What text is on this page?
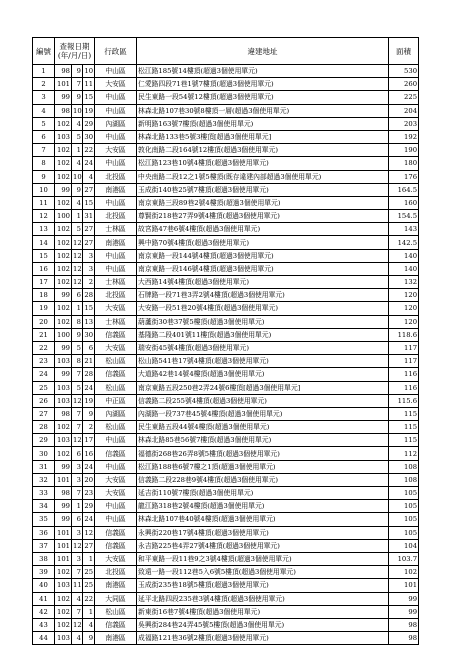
編號	查報日期
(年/月/日)			行政區	違建地址	面積
1	98	9	10	中山區	松江路185號14樓頂(超過3個使用單元)	530
2	101	7	11	大安區	仁愛路四段71巷1號7樓頂(超過3個使用單元)	260
3	99	9	15	中山區	民生東路一段54號12樓頂(超過3個使用單元)	225
4	98	10	19	中山區	林森北路107巷30號8樓頂一層(超過3個使用單元)	204
5	102	4	29	內湖區	新明路163號7樓頂(超過3個使用單元)	203
6	103	5	30	中山區	林森北路133巷5號3樓頂[超過3個使用單元]	192
7	102	1	22	大安區	敦化南路二段164號12樓頂(超過3個使用單元)	190
8	102	4	24	中山區	松江路123巷10號4樓頂(超過3個使用單元)	180
9	102	10	4	北投區	中央南路二段12之1號5樓頂(既存違建內部超過3個使用單元)	176
10	99	9	27	南港區	玉成街140巷25號7樓頂(超過3個使用單元)	164.5
11	102	4	15	中山區	南京東路三段89巷2號4樓頂(超過3個使用單元)	160
12	100	1	31	北投區	尊賢街218巷27弄9號4樓頂(超過3個使用單元)	154.5
13	102	5	27	士林區	故宮路47巷6號4樓頂(超過3個使用單元)	143
14	102	12	27	南港區	興中路70號4樓頂(超過3個使用單元)	142.5
15	102	12	3	中山區	南京東路一段144號4樓頂(超過3個使用單元)	140
16	102	12	3	中山區	南京東路一段146號4樓頂(超過3個使用單元)	140
17	102	12	2	士林區	大西路14號4樓頂(超過3個使用單元)	132
18	99	6	28	北投區	石牌路一段71巷3弄2號4樓頂(超過3個使用單元)	120
19	102	1	15	大安區	大安路一段51巷20號4樓頂(超過3個使用單元)	120
20	102	8	13	士林區	葫蘆街30巷37號5樓頂(超過3個使用單元)	120
21	100	9	30	信義區	基隆路二段401號11樓頂(超過3個使用單元)	118.6
22	99	5	6	大安區	瑞安街45號4樓頂(超過3個使用單元)	117
23	103	8	21	松山區	松山路541巷17號4樓頂(超過3個使用單元)	117
24	99	7	28	信義區	大道路42巷14號4樓頂(超過3個使用單元)	116
25	103	5	24	松山區	南京東路五段250巷2弄24號6樓頂[超過3個使用單元]	116
26	103	12	19	中正區	信義路二段255號4樓頂(超過3個使用單元)	115.6
27	98	7	9	內湖區	內湖路一段737巷45號4樓頂(超過3個使用單元)	115
28	102	7	2	松山區	民生東路五段44號4樓頂(超過3個使用單元)	115
29	103	12	17	中山區	林森北路85巷56號7樓頂(超過3個使用單元)	115
30	102	6	16	信義區	福德街268巷26弄8號5樓頂(超過3個使用單元)	112
31	99	3	24	中山區	松江路188巷6號7樓之1頂(超過3個使用單元)	108
32	101	3	20	大安區	信義路二段228巷9號4樓頂(超過3個使用單元)	108
33	98	7	23	大安區	延吉街110號7樓頂(超過3個使用單元)	105
34	99	1	29	中山區	龍江路318巷2號4樓頂(超過3個使用單元)	105
35	99	6	24	中山區	林森北路107巷40號4樓頂(超過3個使用單元)	105
36	101	3	12	信義區	永興街220巷17號4樓頂(超過3個使用單元)	105
37	101	12	27	信義區	永吉路225巷4弄27號4樓頂(超過3個使用單元)	104
38	101	3	1	大安區	和平東路一段11巷9之3號4樓頂(超過3個使用單元)	103.7
39	102	7	25	北投區	致遠一路一段112巷5入6號5樓頂(超過3個使用單元)	102
40	103	11	25	南港區	玉成街235巷18號5樓頂(超過3個使用單元)	101
41	102	4	22	大同區	延平北路四段235巷3號4樓頂(超過3個使用單元)	99
42	102	7	1	松山區	新東街16巷7號4樓頂(超過3個使用單元)	99
43	102	12	4	信義區	吳興街284巷24弄45號5樓頂(超過3個使用單元)	98
44	103	4	9	南港區	成福路121巷36號2樓頂(超過3個使用單元)	98
